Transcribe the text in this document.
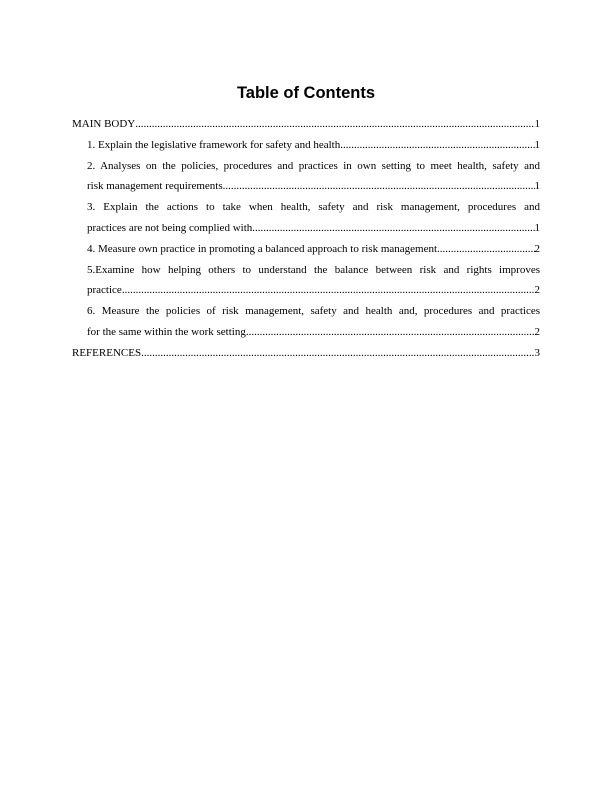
Table of Contents
MAIN BODY .....	1
1. Explain the legislative framework for safety and health .....	1
2. Analyses on the policies, procedures and practices in own setting to meet health, safety and
risk management requirements .....	1
3. Explain the actions to take when health, safety and risk management, procedures and
practices are not being complied with .....	1
4. Measure own practice in promoting a balanced approach to risk management .....	2
5.Examine how helping others to understand the balance between risk and rights improves
practice .....	2
6. Measure the policies of risk management, safety and health and, procedures and practices
for the same within the work setting .....	2
REFERENCES .....	3
